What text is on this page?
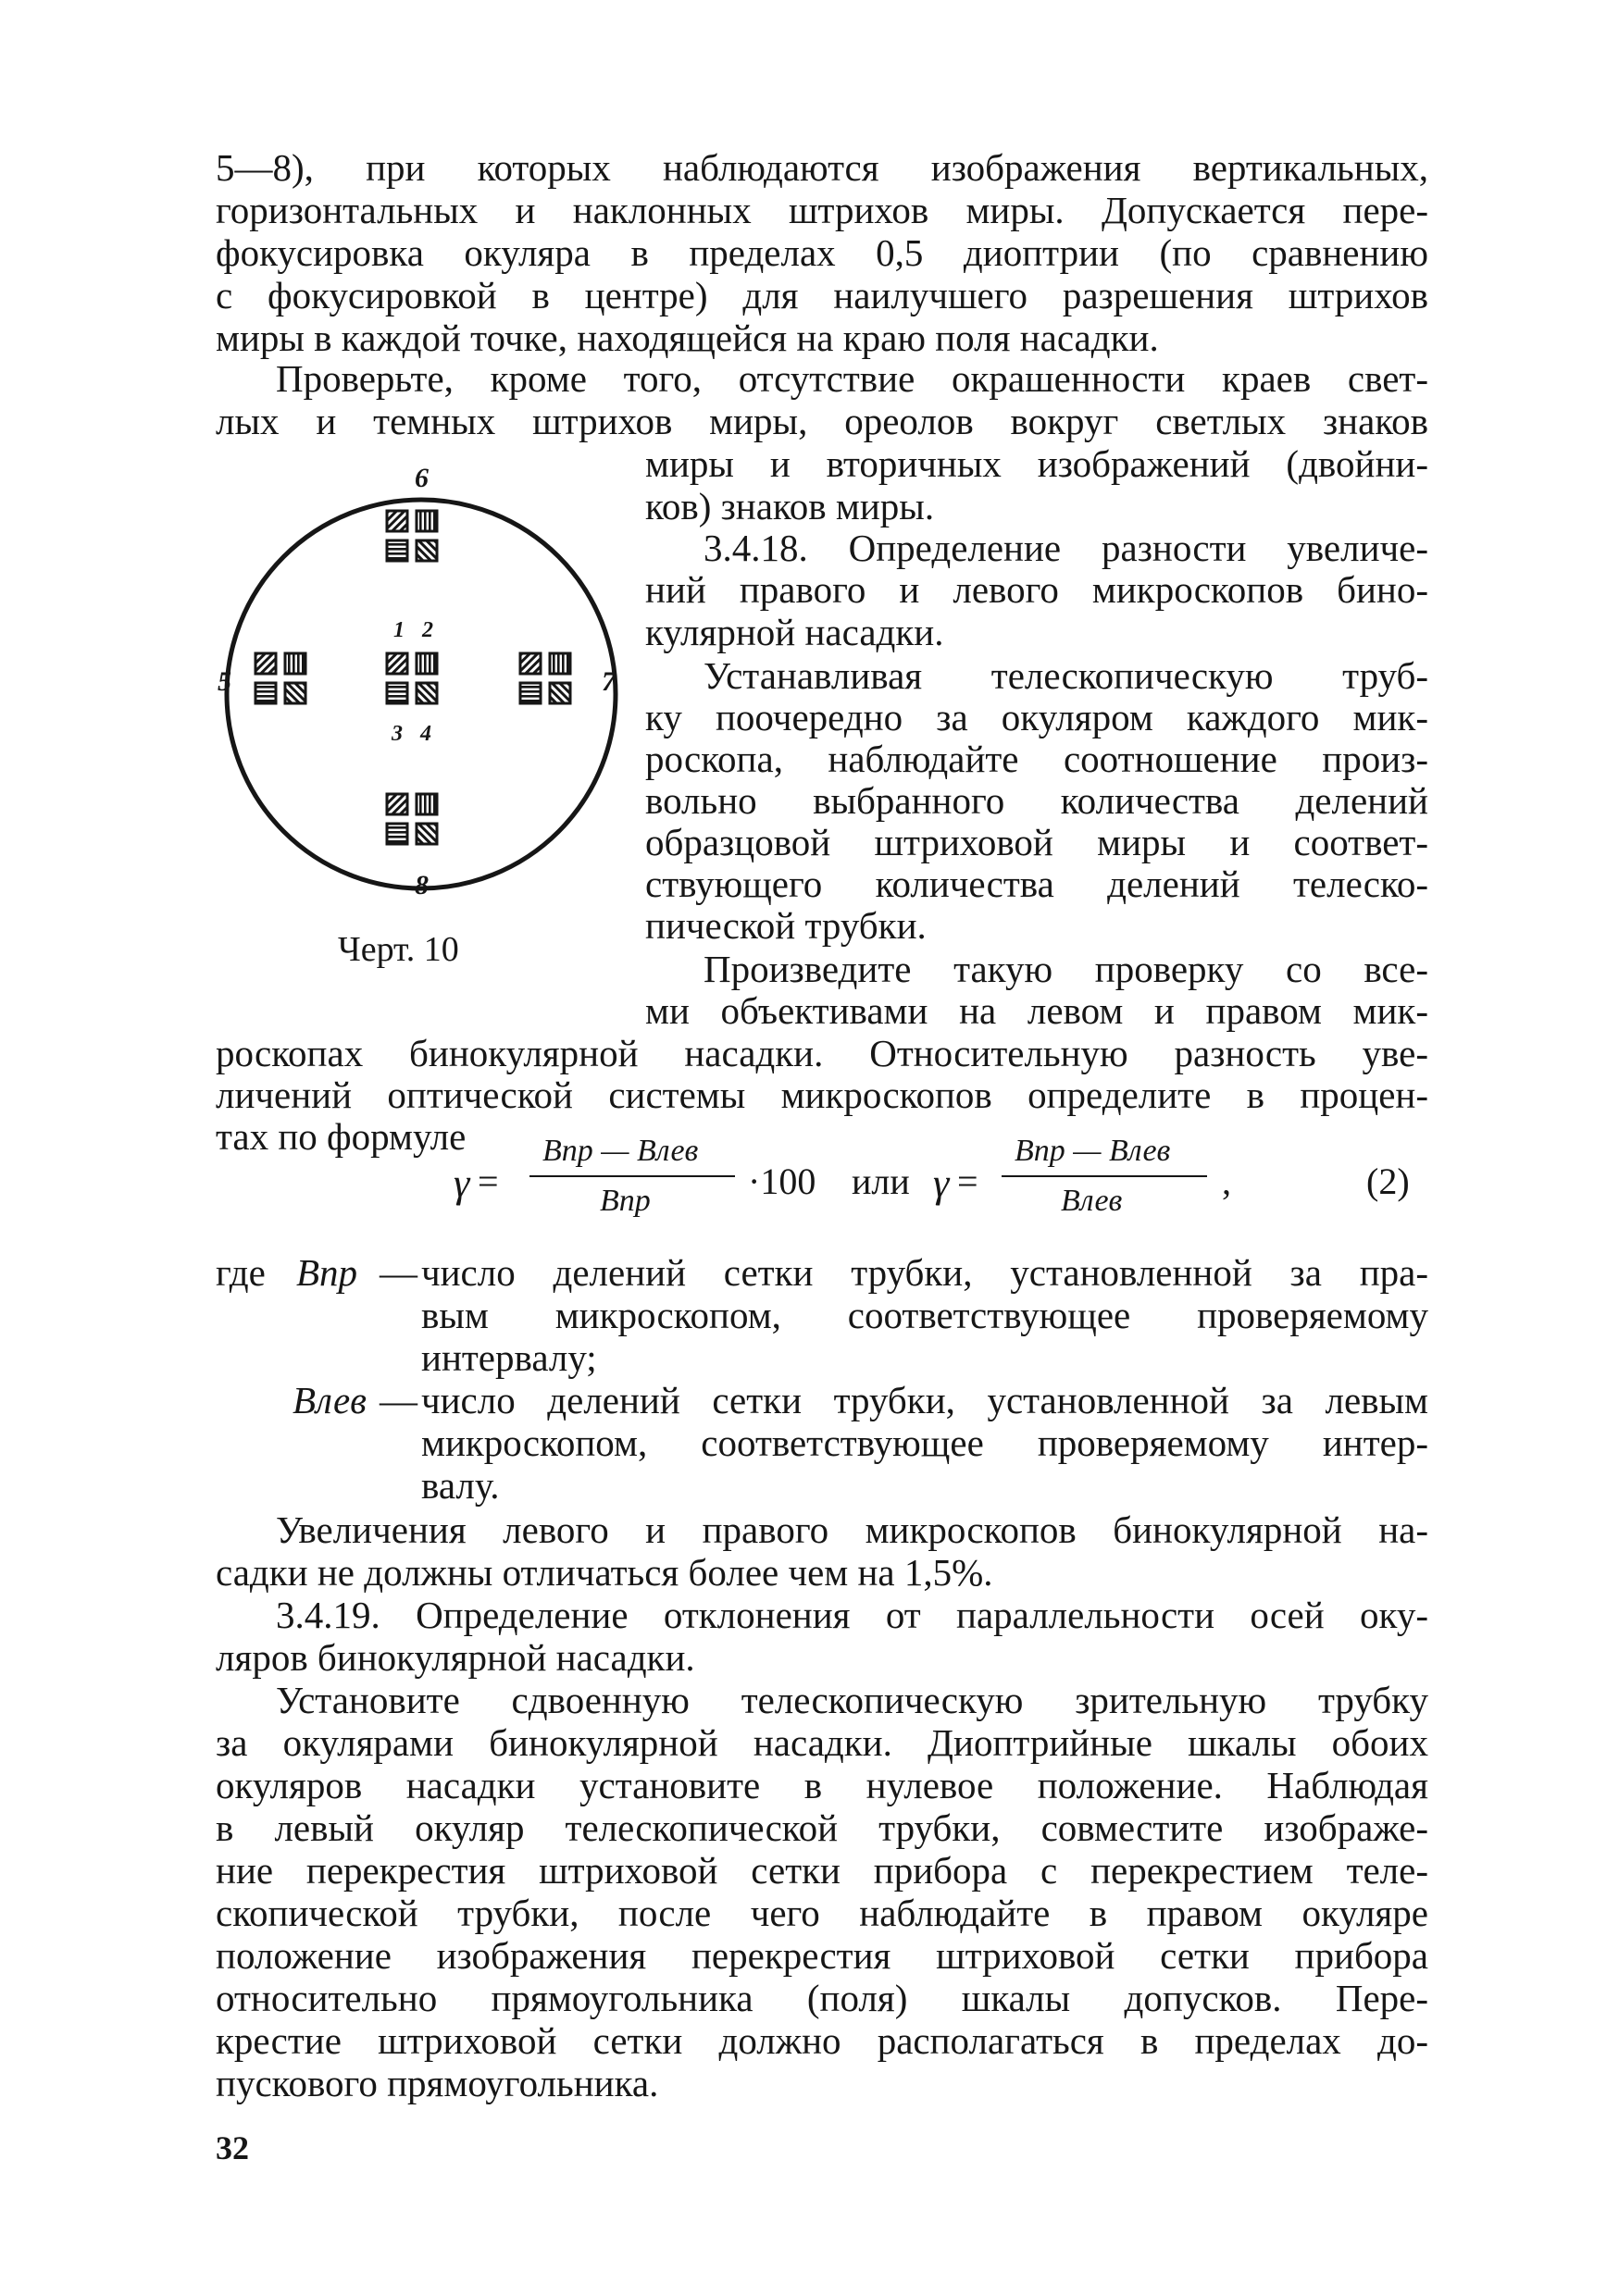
5—8), при которых наблюдаются изображения вертикальных,
горизонтальных и наклонных штрихов миры. Допускается пере-
фокусировка окуляра в пределах 0,5 диоптрии (по сравнению
с фокусировкой в центре) для наилучшего разрешения штрихов
миры в каждой точке, находящейся на краю поля насадки.
Проверьте, кроме того, отсутствие окрашенности краев свет-
лых и темных штрихов миры, ореолов вокруг светлых знаков
миры и вторичных изображений (двойни-
ков) знаков миры.
3.4.18. Определение разности увеличе-
ний правого и левого микроскопов бино-
кулярной насадки.
Устанавливая телескопическую труб-
ку поочередно за окуляром каждого мик-
роскопа, наблюдайте соотношение произ-
вольно выбранного количества делений
образцовой штриховой миры и соответ-
ствующего количества делений телеско-
пической трубки.
Произведите такую проверку со все-
ми объективами на левом и правом мик-
6
5	7
8
1 2
3 4
Черт. 10
роскопах бинокулярной насадки. Относительную разность уве-
личений оптической системы микроскопов определите в процен-
тах по формуле
γ =
Bпр — Bлев
Bпр	·100 или γ =
Bпр — Bлев
Bлев	,	(2)
где Bпр — число делений сетки трубки, установленной за пра-
вым микроскопом, соответствующее проверяемому
интервалу;
Bлев — число делений сетки трубки, установленной за левым
микроскопом, соответствующее проверяемому интер-
валу.
Увеличения левого и правого микроскопов бинокулярной на-
садки не должны отличаться более чем на 1,5%.
3.4.19. Определение отклонения от параллельности осей оку-
ляров бинокулярной насадки.
Установите сдвоенную телескопическую зрительную трубку
за окулярами бинокулярной насадки. Диоптрийные шкалы обоих
окуляров насадки установите в нулевое положение. Наблюдая
в левый окуляр телескопической трубки, совместите изображе-
ние перекрестия штриховой сетки прибора с перекрестием теле-
скопической трубки, после чего наблюдайте в правом окуляре
положение изображения перекрестия штриховой сетки прибора
относительно прямоугольника (поля) шкалы допусков. Пере-
крестие штриховой сетки должно располагаться в пределах до-
пускового прямоугольника.
32
